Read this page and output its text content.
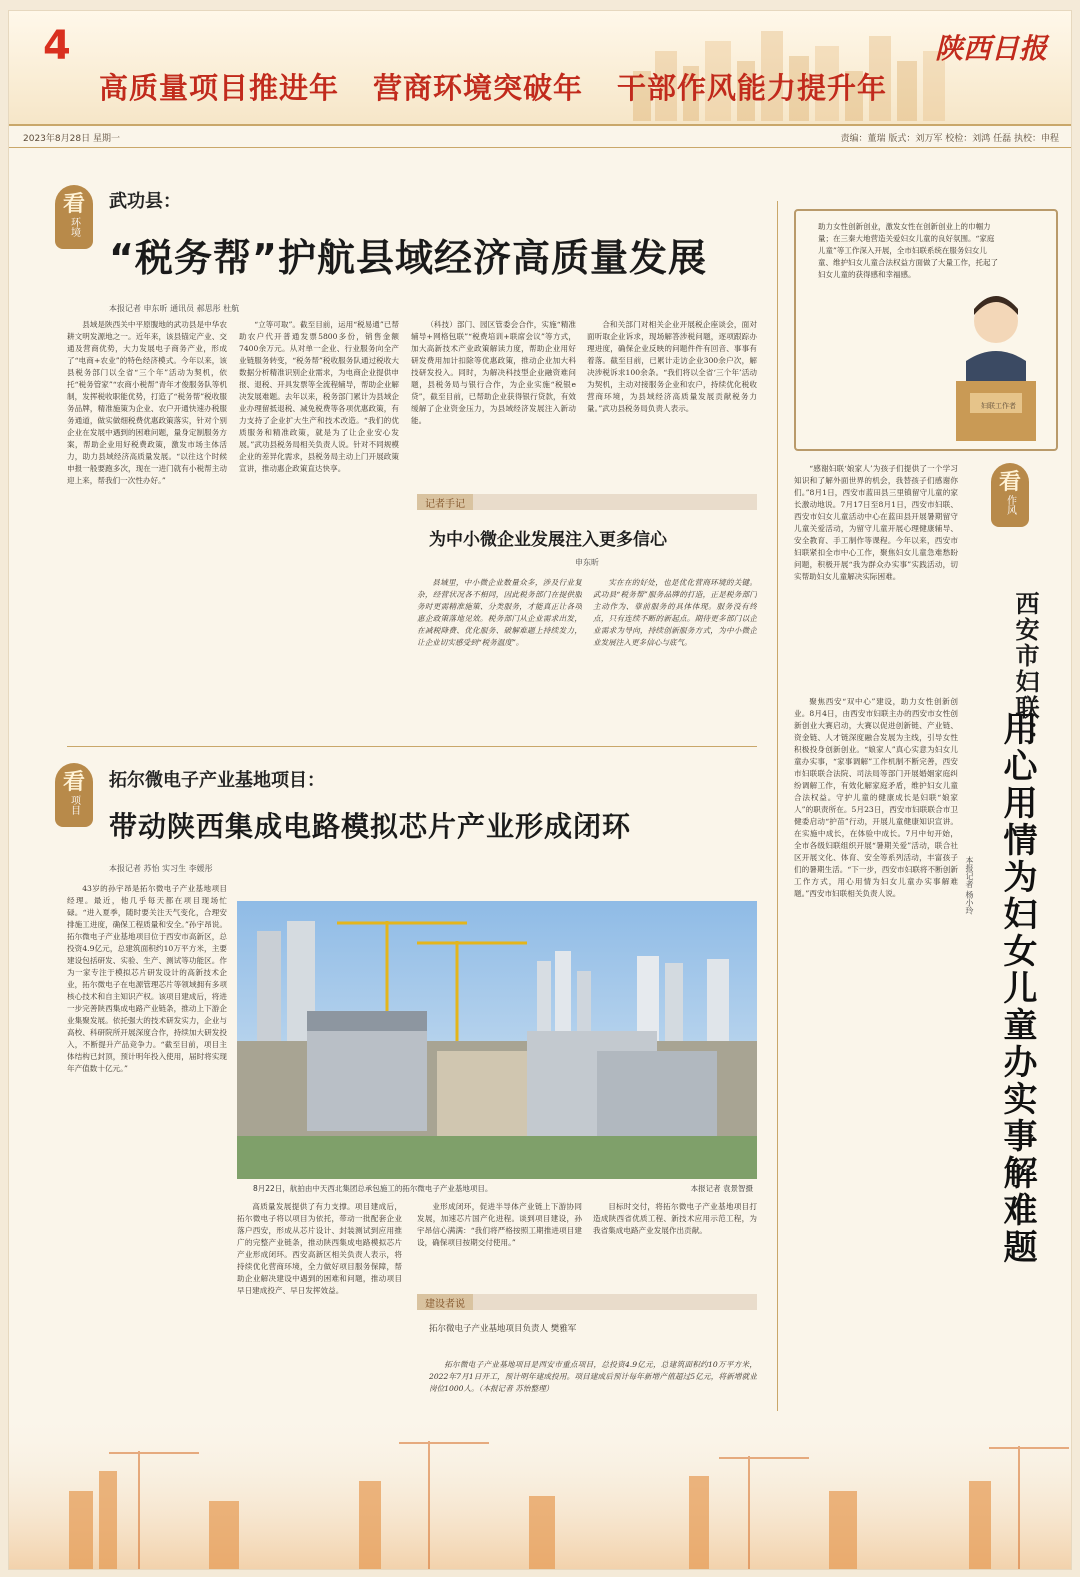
4
高质量项目推进年 营商环境突破年 干部作风能力提升年
陕西日报
2023年8月28日 星期一	责编：董瑞 版式：刘万军 校检：刘鸿 任磊 执校：申程
看
环境
武功县：
“税务帮”护航县域经济高质量发展
本报记者 申东昕 通讯员 郝思彤 杜航

县域是陕西关中平原腹地的武功县是中华农耕文明发源地之一。近年来，该县锚定产业、交通及营商优势，大力发展电子商务产业，形成了“电商+农业”的特色经济模式。今年以来，该县税务部门以全省“三个年”活动为契机，依托“税务管家”“农商小税帮”青年才俊服务队等机制，发挥税收职能优势，打造了“税务帮”税收服务品牌，精准施策为企业、农户开通快速办税服务通道，做实做细税费优惠政策落实，针对个别企业在发展中遇到的困难问题，量身定制服务方案，帮助企业用好税费政策，激发市场主体活力，助力县域经济高质量发展。“以往这个时候申报一般要跑多次，现在一进门就有小税帮主动迎上来，帮我们一次性办好。”

“立等可取”。截至目前，运用“税易通”已帮助农户代开普通发票5800多份，销售金额7400余万元。从对单一企业、行业服务向全产业链服务转变，“税务帮”税收服务队通过税收大数据分析精准识别企业需求，为电商企业提供申报、退税、开具发票等全流程辅导，帮助企业解决发展难题。去年以来，税务部门累计为县域企业办理留抵退税、减免税费等各项优惠政策，有力支持了企业扩大生产和技术改造。“我们的优质服务和精准政策，就是为了让企业安心发展。”武功县税务局相关负责人说。针对不同规模企业的差异化需求，县税务局主动上门开展政策宣讲，推动惠企政策直达快享。

（科技）部门、园区管委会合作，实施“精准辅导+网格包联”“税费培训+联席会议”等方式，加大高新技术产业政策解读力度，帮助企业用好研发费用加计扣除等优惠政策，推动企业加大科技研发投入。同时，为解决科技型企业融资难问题，县税务局与银行合作，为企业实施“税银e贷”，截至目前，已帮助企业获得银行贷款，有效缓解了企业资金压力，为县域经济发展注入新动能。

合和关部门对相关企业开展税企座谈会，面对面听取企业诉求，现场解答涉税问题，逐项跟踪办理进度，确保企业反映的问题件件有回音、事事有着落。截至目前，已累计走访企业300余户次，解决涉税诉求100余条。“我们将以全省‘三个年’活动为契机，主动对接服务企业和农户，持续优化税收营商环境，为县域经济高质量发展贡献税务力量。”武功县税务局负责人表示。

记者手记
为中小微企业发展注入更多信心
申东昕

县域里，中小微企业数量众多，涉及行业复杂，经营状况各不相同，因此税务部门在提供服务时更需精准施策、分类服务，才能真正让各项惠企政策落地见效。税务部门从企业需求出发，在减税降费、优化服务、破解难题上持续发力，让企业切实感受到“税务温度”。

实在在的好处，也是优化营商环境的关键。武功县“税务帮”服务品牌的打造，正是税务部门主动作为、靠前服务的具体体现。服务没有终点，只有连续不断的新起点。期待更多部门以企业需求为导向，持续创新服务方式，为中小微企业发展注入更多信心与底气。

看
项目
拓尔微电子产业基地项目：
带动陕西集成电路模拟芯片产业形成闭环
本报记者 苏怡 实习生 李媛彤

43岁的孙宇昂是拓尔微电子产业基地项目经理。最近，他几乎每天都在项目现场忙碌。“进入夏季，随时要关注天气变化，合理安排施工进度，确保工程质量和安全。”孙宇昂说。拓尔微电子产业基地项目位于西安市高新区，总投资4.9亿元，总建筑面积约10万平方米，主要建设包括研发、实验、生产、测试等功能区。作为一家专注于模拟芯片研发设计的高新技术企业，拓尔微电子在电源管理芯片等领域拥有多项核心技术和自主知识产权。该项目建成后，将进一步完善陕西集成电路产业链条，推动上下游企业集聚发展。依托强大的技术研发实力，企业与高校、科研院所开展深度合作，持续加大研发投入，不断提升产品竞争力。“截至目前，项目主体结构已封顶，预计明年投入使用，届时将实现年产值数十亿元。”

8月22日，航拍由中天西北集团总承包施工的拓尔微电子产业基地项目。	本报记者 袁景智摄

高质量发展提供了有力支撑。项目建成后，拓尔微电子将以项目为依托，带动一批配套企业落户西安，形成从芯片设计、封装测试到应用推广的完整产业链条，推动陕西集成电路模拟芯片产业形成闭环。西安高新区相关负责人表示，将持续优化营商环境，全力做好项目服务保障，帮助企业解决建设中遇到的困难和问题，推动项目早日建成投产、早日发挥效益。

业形成闭环，促进半导体产业链上下游协同发展，加速芯片国产化进程。谈到项目建设，孙宇昂信心满满：“我们将严格按照工期推进项目建设，确保项目按期交付使用。”

目标时交付，将拓尔微电子产业基地项目打造成陕西省优质工程、新技术应用示范工程，为我省集成电路产业发展作出贡献。

建设者说
拓尔微电子产业基地项目负责人 樊雅军

拓尔微电子产业基地项目是西安市重点项目，总投资4.9亿元，总建筑面积约10万平方米，2022年7月1日开工，预计明年建成投用。项目建成后预计每年新增产值超过5亿元，将新增就业岗位1000人。（本报记者 苏怡整理）

助力女性创新创业，激发女性在创新创业上的巾帼力量；在三秦大地营造关爱妇女儿童的良好氛围。“家庭儿童”等工作深入开展，全市妇联系统在服务妇女儿童、维护妇女儿童合法权益方面做了大量工作，托起了妇女儿童的获得感和幸福感。
妇联工作者
看
作风
西安市妇联：
用心用情为妇女儿童办实事解难题
本报记者 杨小玲

“感谢妇联‘娘家人’为孩子们提供了一个学习知识和了解外面世界的机会，我替孩子们感谢你们。”8月1日，西安市蓝田县三里镇留守儿童的家长激动地说。7月17日至8月1日，西安市妇联、西安市妇女儿童活动中心在蓝田县开展暑期留守儿童关爱活动，为留守儿童开展心理健康辅导、安全教育、手工制作等课程。今年以来，西安市妇联紧扣全市中心工作，聚焦妇女儿童急难愁盼问题，积极开展“我为群众办实事”实践活动，切实帮助妇女儿童解决实际困难。

聚焦西安“双中心”建设，助力女性创新创业。8月4日，由西安市妇联主办的西安市女性创新创业大赛启动，大赛以促进创新链、产业链、资金链、人才链深度融合发展为主线，引导女性积极投身创新创业。“娘家人”真心实意为妇女儿童办实事，“家事调解”工作机制不断完善，西安市妇联联合法院、司法局等部门开展婚姻家庭纠纷调解工作，有效化解家庭矛盾，维护妇女儿童合法权益。守护儿童的健康成长是妇联“娘家人”的职责所在。5月23日，西安市妇联联合市卫健委启动“护苗”行动，开展儿童健康知识宣讲。在实施中成长，在体验中成长。7月中旬开始，全市各级妇联组织开展“暑期关爱”活动，联合社区开展文化、体育、安全等系列活动，丰富孩子们的暑期生活。“下一步，西安市妇联将不断创新工作方式，用心用情为妇女儿童办实事解难题。”西安市妇联相关负责人说。
